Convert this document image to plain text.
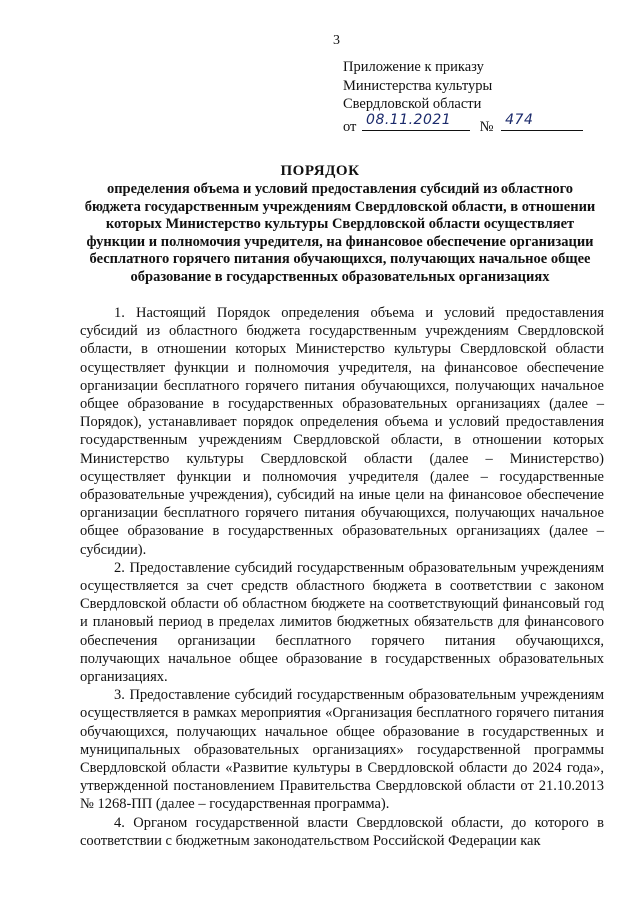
3
Приложение к приказу
Министерства культуры
Свердловской области
от 08.11.2021 № 474
ПОРЯДОК
определения объема и условий предоставления субсидий из областного бюджета государственным учреждениям Свердловской области, в отношении которых Министерство культуры Свердловской области осуществляет функции и полномочия учредителя, на финансовое обеспечение организации бесплатного горячего питания обучающихся, получающих начальное общее образование в государственных образовательных организациях

1. Настоящий Порядок определения объема и условий предоставления субсидий из областного бюджета государственным учреждениям Свердловской области, в отношении которых Министерство культуры Свердловской области осуществляет функции и полномочия учредителя, на финансовое обеспечение организации бесплатного горячего питания обучающихся, получающих начальное общее образование в государственных образовательных организациях (далее – Порядок), устанавливает порядок определения объема и условий предоставления государственным учреждениям Свердловской области, в отношении которых Министерство культуры Свердловской области (далее – Министерство) осуществляет функции и полномочия учредителя (далее – государственные образовательные учреждения), субсидий на иные цели на финансовое обеспечение организации бесплатного горячего питания обучающихся, получающих начальное общее образование в государственных образовательных организациях (далее – субсидии).

2. Предоставление субсидий государственным образовательным учреждениям осуществляется за счет средств областного бюджета в соответствии с законом Свердловской области об областном бюджете на соответствующий финансовый год и плановый период в пределах лимитов бюджетных обязательств для финансового обеспечения организации бесплатного горячего питания обучающихся, получающих начальное общее образование в государственных образовательных организациях.

3. Предоставление субсидий государственным образовательным учреждениям осуществляется в рамках мероприятия «Организация бесплатного горячего питания обучающихся, получающих начальное общее образование в государственных и муниципальных образовательных организациях» государственной программы Свердловской области «Развитие культуры в Свердловской области до 2024 года», утвержденной постановлением Правительства Свердловской области от 21.10.2013 № 1268-ПП (далее – государственная программа).

4. Органом государственной власти Свердловской области, до которого в соответствии с бюджетным законодательством Российской Федерации как
